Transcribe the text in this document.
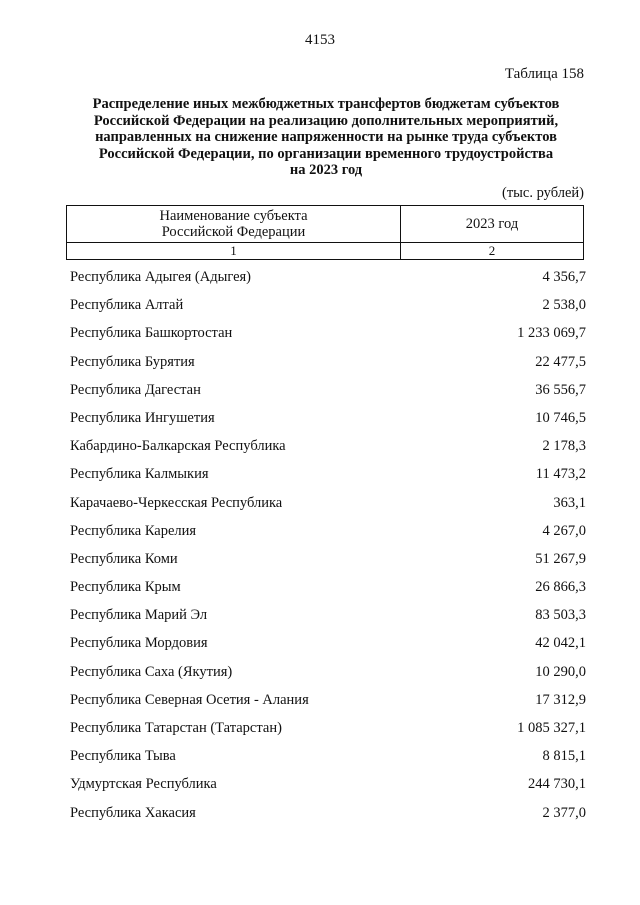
4153
Таблица 158
Распределение иных межбюджетных трансфертов бюджетам субъектов
Российской Федерации на реализацию дополнительных мероприятий,
направленных на снижение напряженности на рынке труда субъектов
Российской Федерации, по организации временного трудоустройства
на 2023 год
(тыс. рублей)
Наименование субъекта
Российской Федерации	2023 год
1	2
Республика Адыгея (Адыгея)	4 356,7
Республика Алтай	2 538,0
Республика Башкортостан	1 233 069,7
Республика Бурятия	22 477,5
Республика Дагестан	36 556,7
Республика Ингушетия	10 746,5
Кабардино-Балкарская Республика	2 178,3
Республика Калмыкия	11 473,2
Карачаево-Черкесская Республика	363,1
Республика Карелия	4 267,0
Республика Коми	51 267,9
Республика Крым	26 866,3
Республика Марий Эл	83 503,3
Республика Мордовия	42 042,1
Республика Саха (Якутия)	10 290,0
Республика Северная Осетия - Алания	17 312,9
Республика Татарстан (Татарстан)	1 085 327,1
Республика Тыва	8 815,1
Удмуртская Республика	244 730,1
Республика Хакасия	2 377,0
